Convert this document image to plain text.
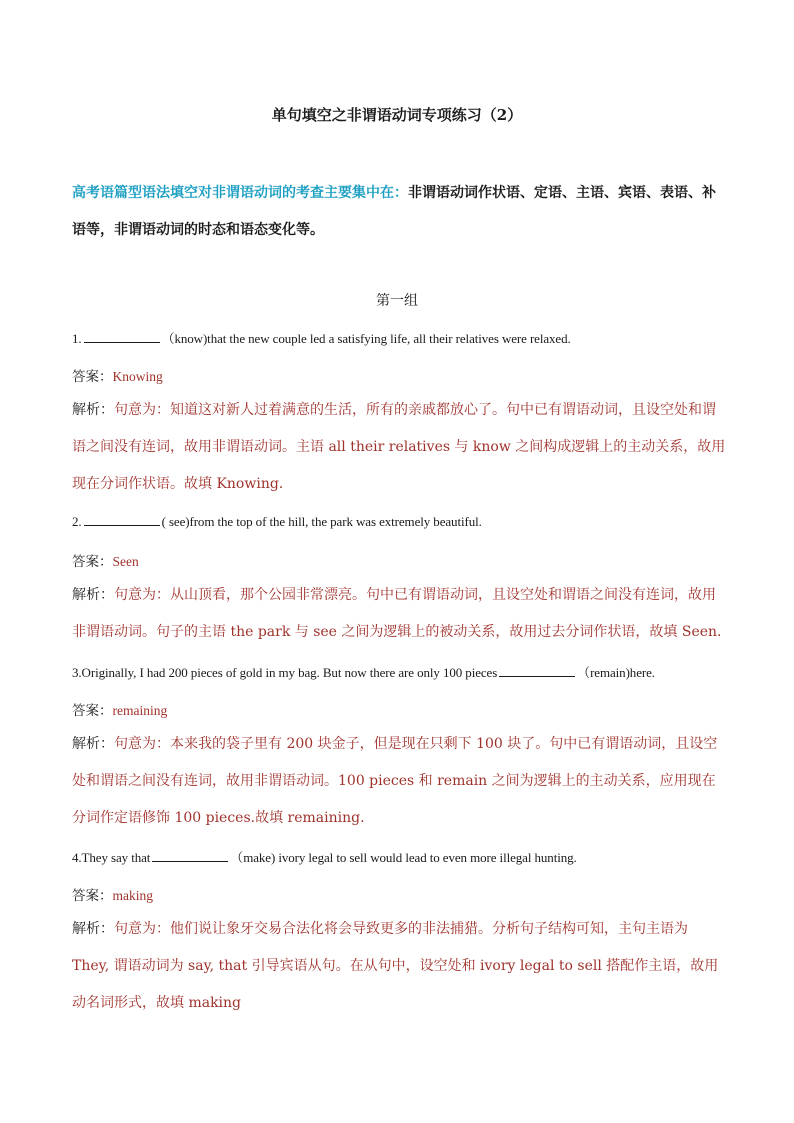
单句填空之非谓语动词专项练习（2）
高考语篇型语法填空对非谓语动词的考查主要集中在：非谓语动词作状语、定语、主语、宾语、表语、补语等，非谓语动词的时态和语态变化等。
第一组
1.	（know)that the new couple led a satisfying life, all their relatives were relaxed.
答案：Knowing
解析：句意为：知道这对新人过着满意的生活，所有的亲戚都放心了。句中已有谓语动词，且设空处和谓语之间没有连词，故用非谓语动词。主语 all their relatives 与 know 之间构成逻辑上的主动关系，故用现在分词作状语。故填 Knowing.
2.	( see)from the top of the hill, the park was extremely beautiful.
答案：Seen
解析：句意为：从山顶看，那个公园非常漂亮。句中已有谓语动词，且设空处和谓语之间没有连词，故用非谓语动词。句子的主语 the park 与 see 之间为逻辑上的被动关系，故用过去分词作状语，故填 Seen.
3.Originally, I had 200 pieces of gold in my bag. But now there are only 100 pieces	（remain)here.
答案：remaining
解析：句意为：本来我的袋子里有 200 块金子，但是现在只剩下 100 块了。句中已有谓语动词，且设空处和谓语之间没有连词，故用非谓语动词。100 pieces 和 remain 之间为逻辑上的主动关系，应用现在分词作定语修饰 100 pieces.故填 remaining.
4.They say that	（make) ivory legal to sell would lead to even more illegal hunting.
答案：making
解析：句意为：他们说让象牙交易合法化将会导致更多的非法捕猎。分析句子结构可知，主句主语为 They, 谓语动词为 say, that 引导宾语从句。在从句中，设空处和 ivory legal to sell 搭配作主语，故用动名词形式，故填 making
